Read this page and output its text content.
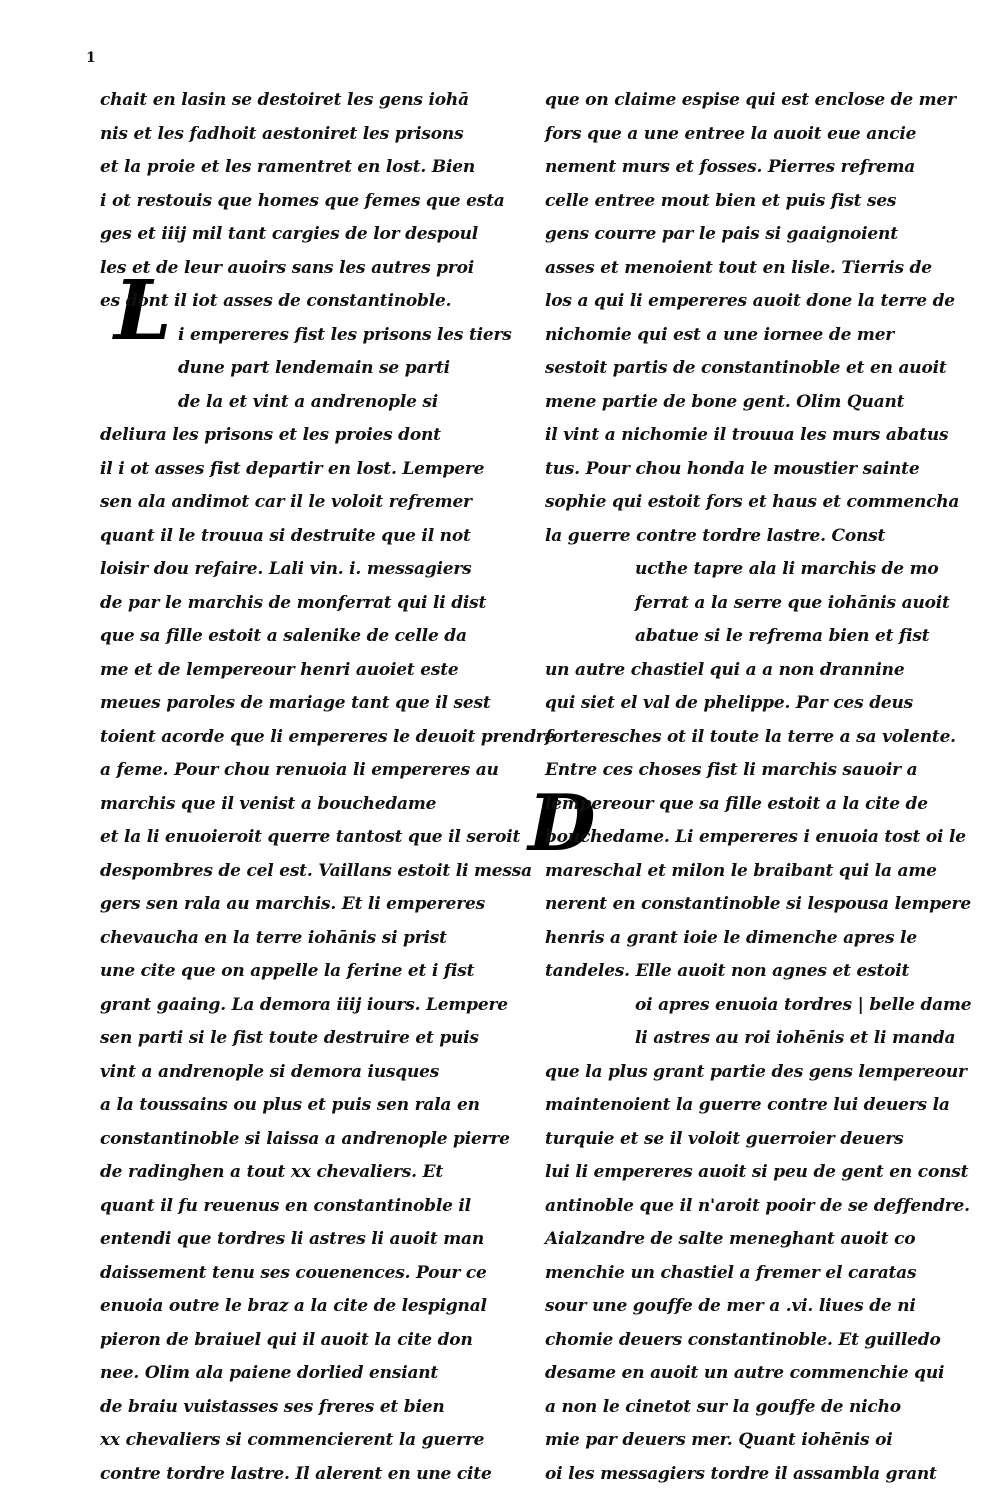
1
L
D
chait en lasin se destoiret les gens iohā
nis et les fadhoit aestoniret les prisons
et la proie et les ramentret en lost. Bien
i ot restouis que homes que femes que esta
ges et iiij mil tant cargies de lor despoul
les et de leur auoirs sans les autres proi
es dont il iot asses de constantinoble.
i empereres fist les prisons les tiers
dune part lendemain se parti
de la et vint a andrenople si
deliura les prisons et les proies dont
il i ot asses fist departir en lost. Lempere
sen ala andimot car il le voloit refremer
quant il le trouua si destruite que il not
loisir dou refaire. Lali vin. i. messagiers
de par le marchis de monferrat qui li dist
que sa fille estoit a salenike de celle da
me et de lempereour henri auoiet este
meues paroles de mariage tant que il sest
toient acorde que li empereres le deuoit prendre
a feme. Pour chou renuoia li empereres au
marchis que il venist a bouchedame
et la li enuoieroit querre tantost que il seroit
despombres de cel est. Vaillans estoit li messa
gers sen rala au marchis. Et li empereres
chevaucha en la terre iohānis si prist
une cite que on appelle la ferine et i fist
grant gaaing. La demora iiij iours. Lempere
sen parti si le fist toute destruire et puis
vint a andrenople si demora iusques
a la toussains ou plus et puis sen rala en
constantinoble si laissa a andrenople pierre
de radinghen a tout xx chevaliers. Et
quant il fu reuenus en constantinoble il
entendi que tordres li astres li auoit man
daissement tenu ses couenences. Pour ce
enuoia outre le braz a la cite de lespignal
pieron de braiuel qui il auoit la cite don
nee. Olim ala paiene dorlied ensiant
de braiu vuistasses ses freres et bien
xx chevaliers si commencierent la guerre
contre tordre lastre. Il alerent en une cite
que on claime espise qui est enclose de mer
fors que a une entree la auoit eue ancie
nement murs et fosses. Pierres refrema
celle entree mout bien et puis fist ses
gens courre par le pais si gaaignoient
asses et menoient tout en lisle. Tierris de
los a qui li empereres auoit done la terre de
nichomie qui est a une iornee de mer
sestoit partis de constantinoble et en auoit
mene partie de bone gent. Olim Quant
il vint a nichomie il trouua les murs abatus
tus. Pour chou honda le moustier sainte
sophie qui estoit fors et haus et commencha
la guerre contre tordre lastre. Const
ucthe tapre ala li marchis de mo
ferrat a la serre que iohānis auoit
abatue si le refrema bien et fist
un autre chastiel qui a a non drannine
qui siet el val de phelippe. Par ces deus
forteresches ot il toute la terre a sa volente.
Entre ces choses fist li marchis sauoir a
lempereour que sa fille estoit a la cite de
bouchedame. Li empereres i enuoia tost oi le
mareschal et milon le braibant qui la ame
nerent en constantinoble si lespousa lempere
henris a grant ioie le dimenche apres le
tandeles. Elle auoit non agnes et estoit
oi apres enuoia tordres | belle dame
li astres au roi iohēnis et li manda
que la plus grant partie des gens lempereour
maintenoient la guerre contre lui deuers la
turquie et se il voloit guerroier deuers
lui li empereres auoit si peu de gent en const
antinoble que il n'aroit pooir de se deffendre.
Aialzandre de salte meneghant auoit co
menchie un chastiel a fremer el caratas
sour une gouffe de mer a .vi. liues de ni
chomie deuers constantinoble. Et guilledo
desame en auoit un autre commenchie qui
a non le cinetot sur la gouffe de nicho
mie par deuers mer. Quant iohēnis oi
oi les messagiers tordre il assambla grant
